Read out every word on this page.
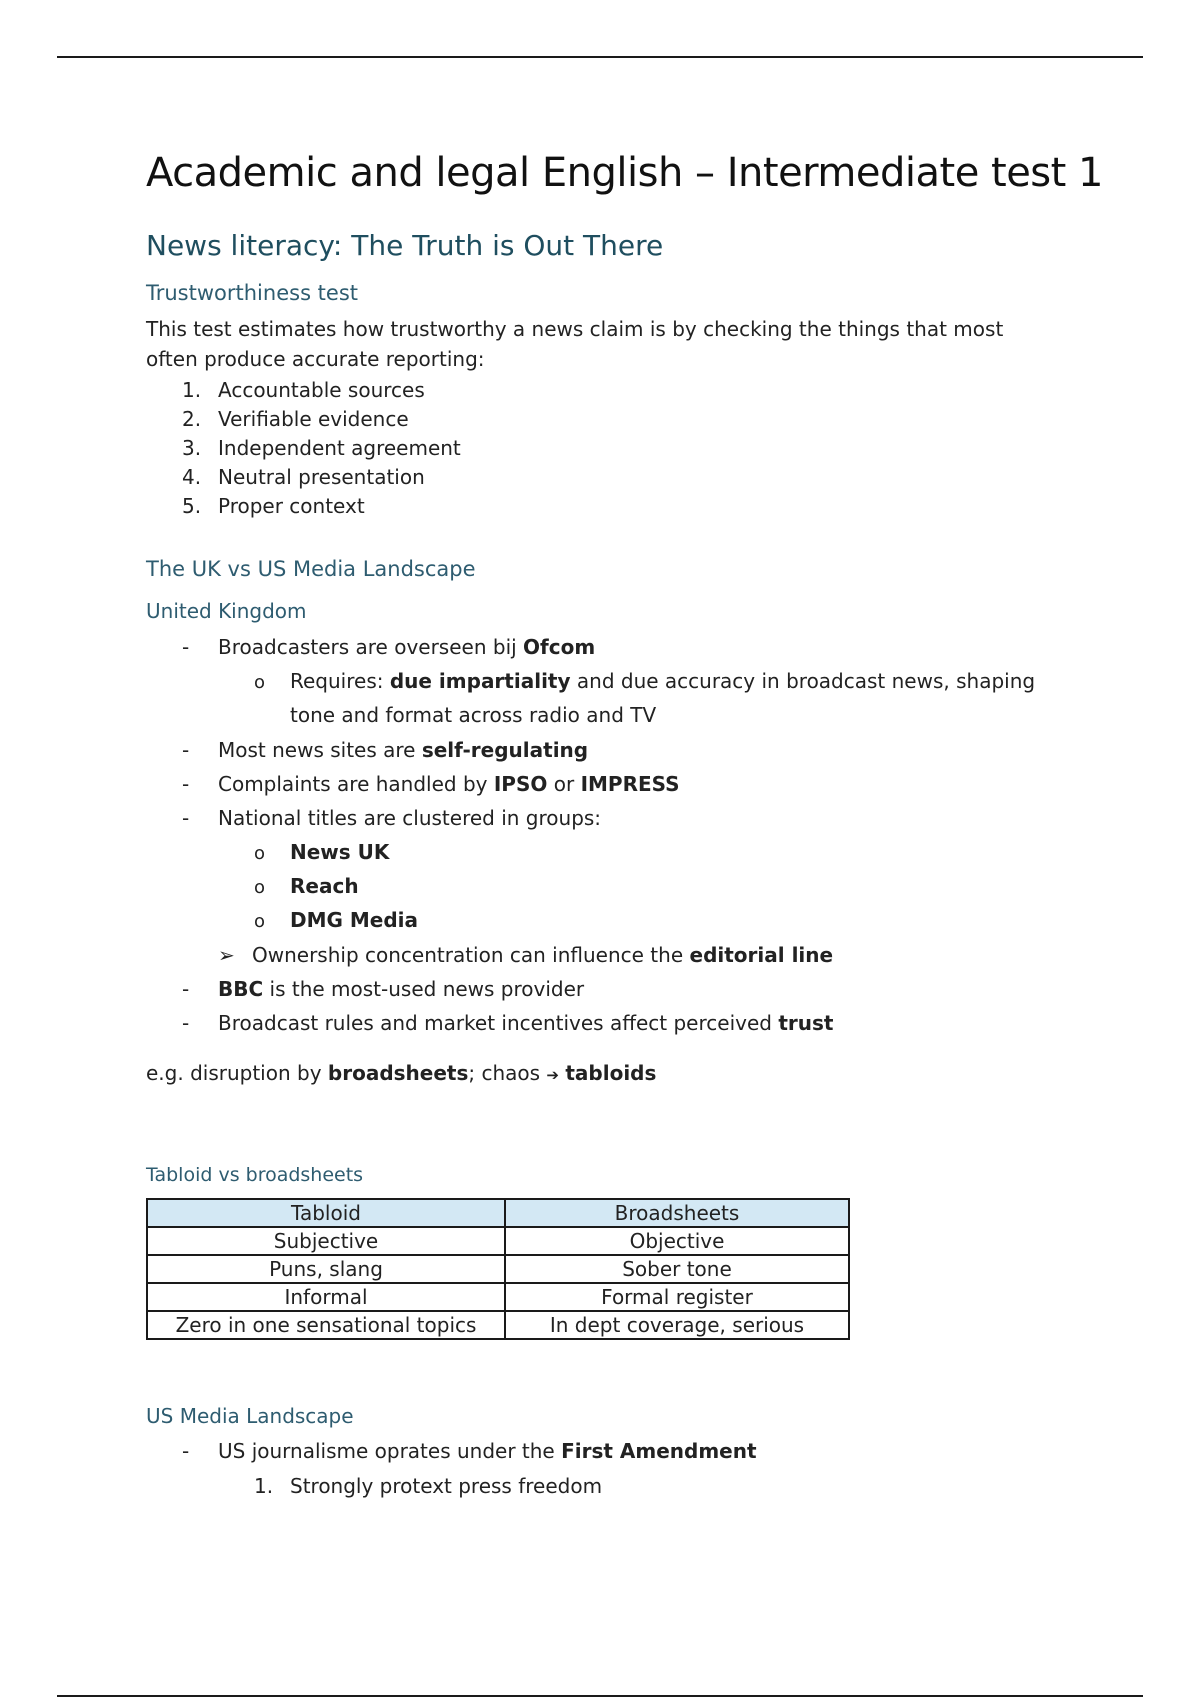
Academic and legal English – Intermediate test 1
News literacy: The Truth is Out There
Trustworthiness test
This test estimates how trustworthy a news claim is by checking the things that most
often produce accurate reporting:
1. Accountable sources
2. Verifiable evidence
3. Independent agreement
4. Neutral presentation
5. Proper context
The UK vs US Media Landscape
United Kingdom
- Broadcasters are overseen bij Ofcom
o Requires: due impartiality and due accuracy in broadcast news, shaping
tone and format across radio and TV
- Most news sites are self-regulating
- Complaints are handled by IPSO or IMPRESS
- National titles are clustered in groups:
o News UK
o Reach
o DMG Media
➢ Ownership concentration can influence the editorial line
- BBC is the most-used news provider
- Broadcast rules and market incentives affect perceived trust
e.g. disruption by broadsheets; chaos ➔ tabloids
Tabloid vs broadsheets
Tabloid	Broadsheets
Subjective	Objective
Puns, slang	Sober tone
Informal	Formal register
Zero in one sensational topics	In dept coverage, serious
US Media Landscape
- US journalisme oprates under the First Amendment
1. Strongly protext press freedom
